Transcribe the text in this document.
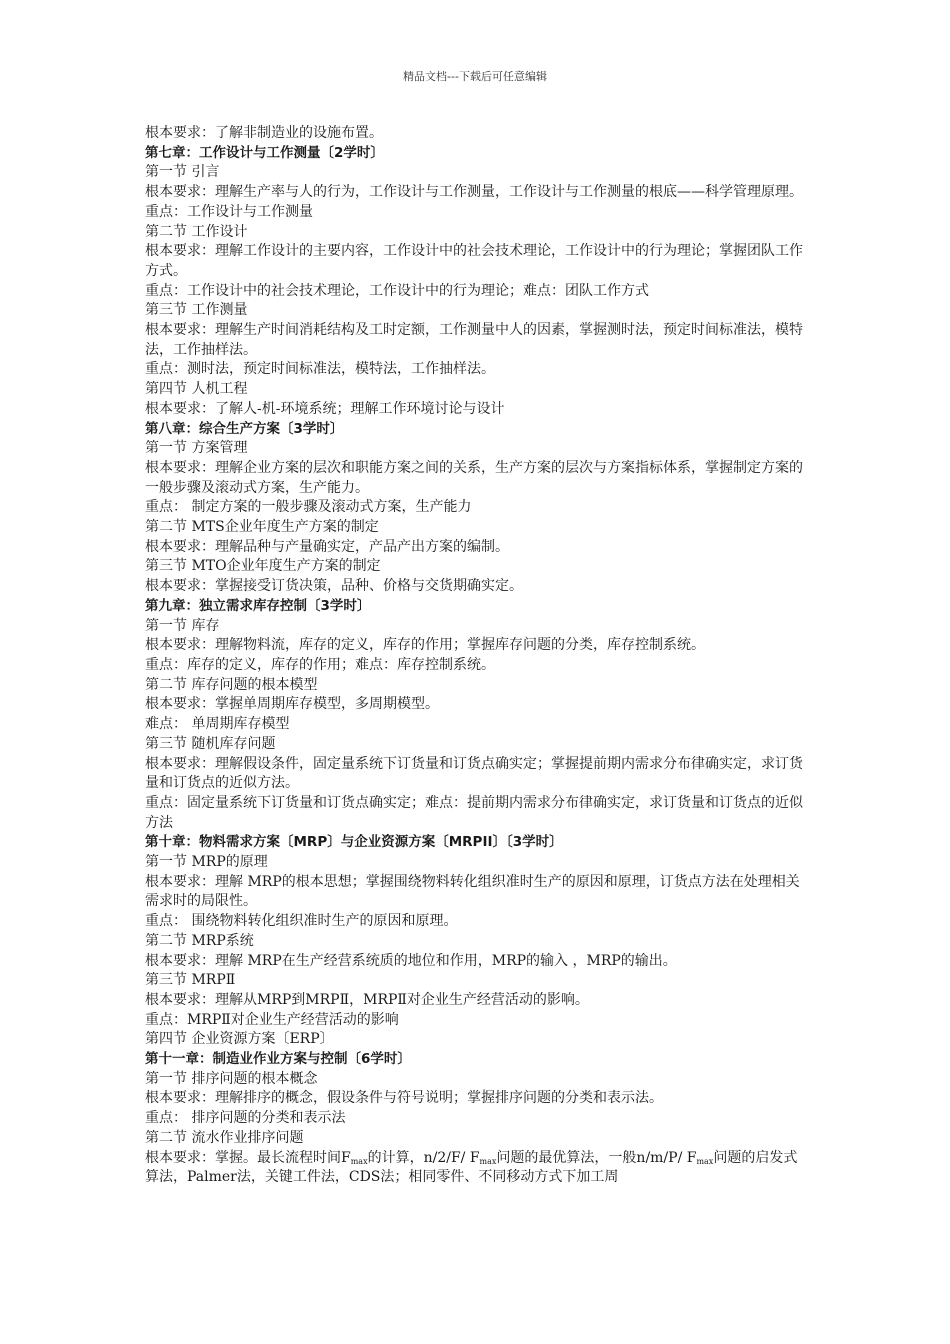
精品文档---下载后可任意编辑
根本要求：了解非制造业的设施布置。
第七章：工作设计与工作测量〔2学时〕
第一节 引言
根本要求：理解生产率与人的行为，工作设计与工作测量，工作设计与工作测量的根底——科学管理原理。
重点：工作设计与工作测量
第二节 工作设计
根本要求：理解工作设计的主要内容，工作设计中的社会技术理论，工作设计中的行为理论；掌握团队工作方式。
重点：工作设计中的社会技术理论，工作设计中的行为理论；难点：团队工作方式
第三节 工作测量
根本要求：理解生产时间消耗结构及工时定额，工作测量中人的因素，掌握测时法，预定时间标准法，模特法，工作抽样法。
重点：测时法，预定时间标准法，模特法，工作抽样法。
第四节 人机工程
根本要求：了解人-机-环境系统；理解工作环境讨论与设计
第八章：综合生产方案〔3学时〕
第一节 方案管理
根本要求：理解企业方案的层次和职能方案之间的关系，生产方案的层次与方案指标体系，掌握制定方案的一般步骤及滚动式方案，生产能力。
重点： 制定方案的一般步骤及滚动式方案，生产能力
第二节 MTS企业年度生产方案的制定
根本要求：理解品种与产量确实定，产品产出方案的编制。
第三节 MTO企业年度生产方案的制定
根本要求：掌握接受订货决策，品种、价格与交货期确实定。
第九章：独立需求库存控制〔3学时〕
第一节 库存
根本要求：理解物料流，库存的定义，库存的作用；掌握库存问题的分类，库存控制系统。
重点：库存的定义，库存的作用；难点：库存控制系统。
第二节 库存问题的根本模型
根本要求：掌握单周期库存模型，多周期模型。
难点： 单周期库存模型
第三节 随机库存问题
根本要求：理解假设条件，固定量系统下订货量和订货点确实定；掌握提前期内需求分布律确实定，求订货量和订货点的近似方法。
重点：固定量系统下订货量和订货点确实定；难点：提前期内需求分布律确实定，求订货量和订货点的近似方法
第十章：物料需求方案〔MRP〕与企业资源方案〔MRPII〕〔3学时〕
第一节 MRP的原理
根本要求：理解 MRP的根本思想；掌握围绕物料转化组织准时生产的原因和原理，订货点方法在处理相关需求时的局限性。
重点： 围绕物料转化组织准时生产的原因和原理。
第二节 MRP系统
根本要求：理解 MRP在生产经营系统质的地位和作用，MRP的输入 ，MRP的输出。
第三节 MRPⅡ
根本要求：理解从MRP到MRPⅡ，MRPⅡ对企业生产经营活动的影响。
重点：MRPⅡ对企业生产经营活动的影响
第四节 企业资源方案〔ERP〕
第十一章：制造业作业方案与控制〔6学时〕
第一节 排序问题的根本概念
根本要求：理解排序的概念，假设条件与符号说明；掌握排序问题的分类和表示法。
重点： 排序问题的分类和表示法
第二节 流水作业排序问题
根本要求：掌握。最长流程时间$F_{max}$的计算，n/2/F/ $F_{max}$问题的最优算法，一般n/m/P/ $F_{max}$问题的启发式算法，Palmer法，关键工件法，CDS法；相同零件、不同移动方式下加工周
